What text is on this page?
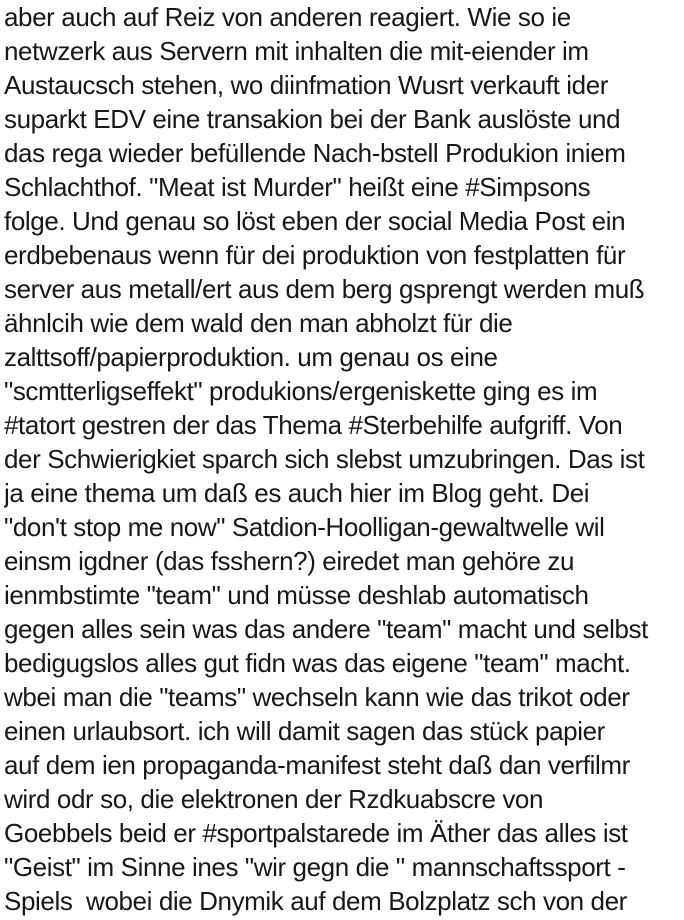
aber auch auf Reiz von anderen reagiert. Wie so ie
netwzerk aus Servern mit inhalten die mit-eiender im
Austaucsch stehen, wo diinfmation Wusrt verkauft ider
suparkt EDV eine transakion bei der Bank auslöste und
das rega wieder befüllende Nach-bstell Produkion iniem
Schlachthof. "Meat ist Murder" heißt eine #Simpsons
folge. Und genau so löst eben der social Media Post ein
erdbebenaus wenn für dei produktion von festplatten für
server aus metall/ert aus dem berg gsprengt werden muß
ähnlcih wie dem wald den man abholzt für die
zalttsoff/papierproduktion. um genau os eine
"scmtterligseffekt" produkions/ergeniskette ging es im
#tatort gestren der das Thema #Sterbehilfe aufgriff. Von
der Schwierigkiet sparch sich slebst umzubringen. Das ist
ja eine thema um daß es auch hier im Blog geht. Dei
"don't stop me now" Satdion-Hoolligan-gewaltwelle wil
einsm igdner (das fsshern?) eiredet man gehöre zu
ienmbstimte "team" und müsse deshlab automatisch
gegen alles sein was das andere "team" macht und selbst
bedigugslos alles gut fidn was das eigene "team" macht.
wbei man die "teams" wechseln kann wie das trikot oder
einen urlaubsort. ich will damit sagen das stück papier
auf dem ien propaganda-manifest steht daß dan verfilmr
wird odr so, die elektronen der Rzdkuabscre von
Goebbels beid er #sportpalstarede im Äther das alles ist
"Geist" im Sinne ines "wir gegn die " mannschaftssport -
Spiels  wobei die Dnymik auf dem Bolzplatz sch von der
